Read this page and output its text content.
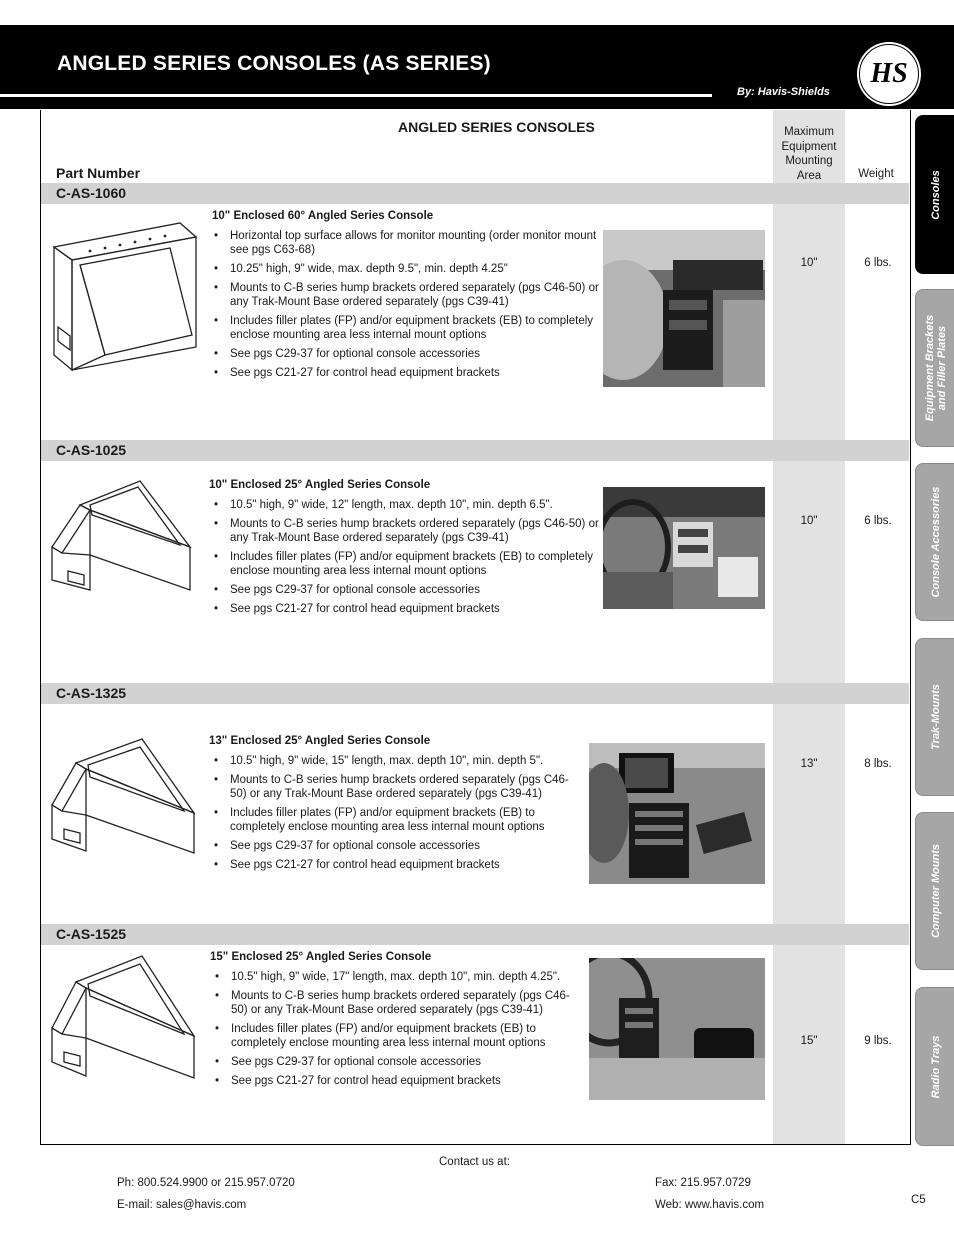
ANGLED SERIES CONSOLES (AS SERIES)
By: Havis-Shields
HS
ANGLED SERIES CONSOLES
Part Number
Maximum
Equipment
Mounting
Area	Weight
C-AS-1060
10" Enclosed 60° Angled Series Console
• Horizontal top surface allows for monitor mounting (order monitor mount see pgs C63-68)
• 10.25" high, 9" wide, max. depth 9.5", min. depth 4.25"
• Mounts to C-B series hump brackets ordered separately (pgs C46-50) or any Trak-Mount Base ordered separately (pgs C39-41)
• Includes filler plates (FP) and/or equipment brackets (EB) to completely enclose mounting area less internal mount options
• See pgs C29-37 for optional console accessories
• See pgs C21-27 for control head equipment brackets
10"	6 lbs.
C-AS-1025
10" Enclosed 25° Angled Series Console
• 10.5" high, 9" wide, 12" length, max. depth 10", min. depth 6.5".
• Mounts to C-B series hump brackets ordered separately (pgs C46-50) or any Trak-Mount Base ordered separately (pgs C39-41)
• Includes filler plates (FP) and/or equipment brackets (EB) to completely enclose mounting area less internal mount options
• See pgs C29-37 for optional console accessories
• See pgs C21-27 for control head equipment brackets
10"	6 lbs.
C-AS-1325
13" Enclosed 25° Angled Series Console
• 10.5" high, 9" wide, 15" length, max. depth 10", min. depth 5".
• Mounts to C-B series hump brackets ordered separately (pgs C46-50) or any Trak-Mount Base ordered separately (pgs C39-41)
• Includes filler plates (FP) and/or equipment brackets (EB) to completely enclose mounting area less internal mount options
• See pgs C29-37 for optional console accessories
• See pgs C21-27 for control head equipment brackets
13"	8 lbs.
C-AS-1525
15" Enclosed 25° Angled Series Console
• 10.5" high, 9" wide, 17" length, max. depth 10", min. depth 4.25".
• Mounts to C-B series hump brackets ordered separately (pgs C46-50) or any Trak-Mount Base ordered separately (pgs C39-41)
• Includes filler plates (FP) and/or equipment brackets (EB) to completely enclose mounting area less internal mount options
• See pgs C29-37 for optional console accessories
• See pgs C21-27 for control head equipment brackets
15"	9 lbs.
Consoles
Equipment Brackets
and Filler Plates
Console Accessories
Trak-Mounts
Computer Mounts
Radio Trays
Contact us at:
Ph: 800.524.9900 or 215.957.0720
E-mail: sales@havis.com
Fax: 215.957.0729
Web: www.havis.com	C5
